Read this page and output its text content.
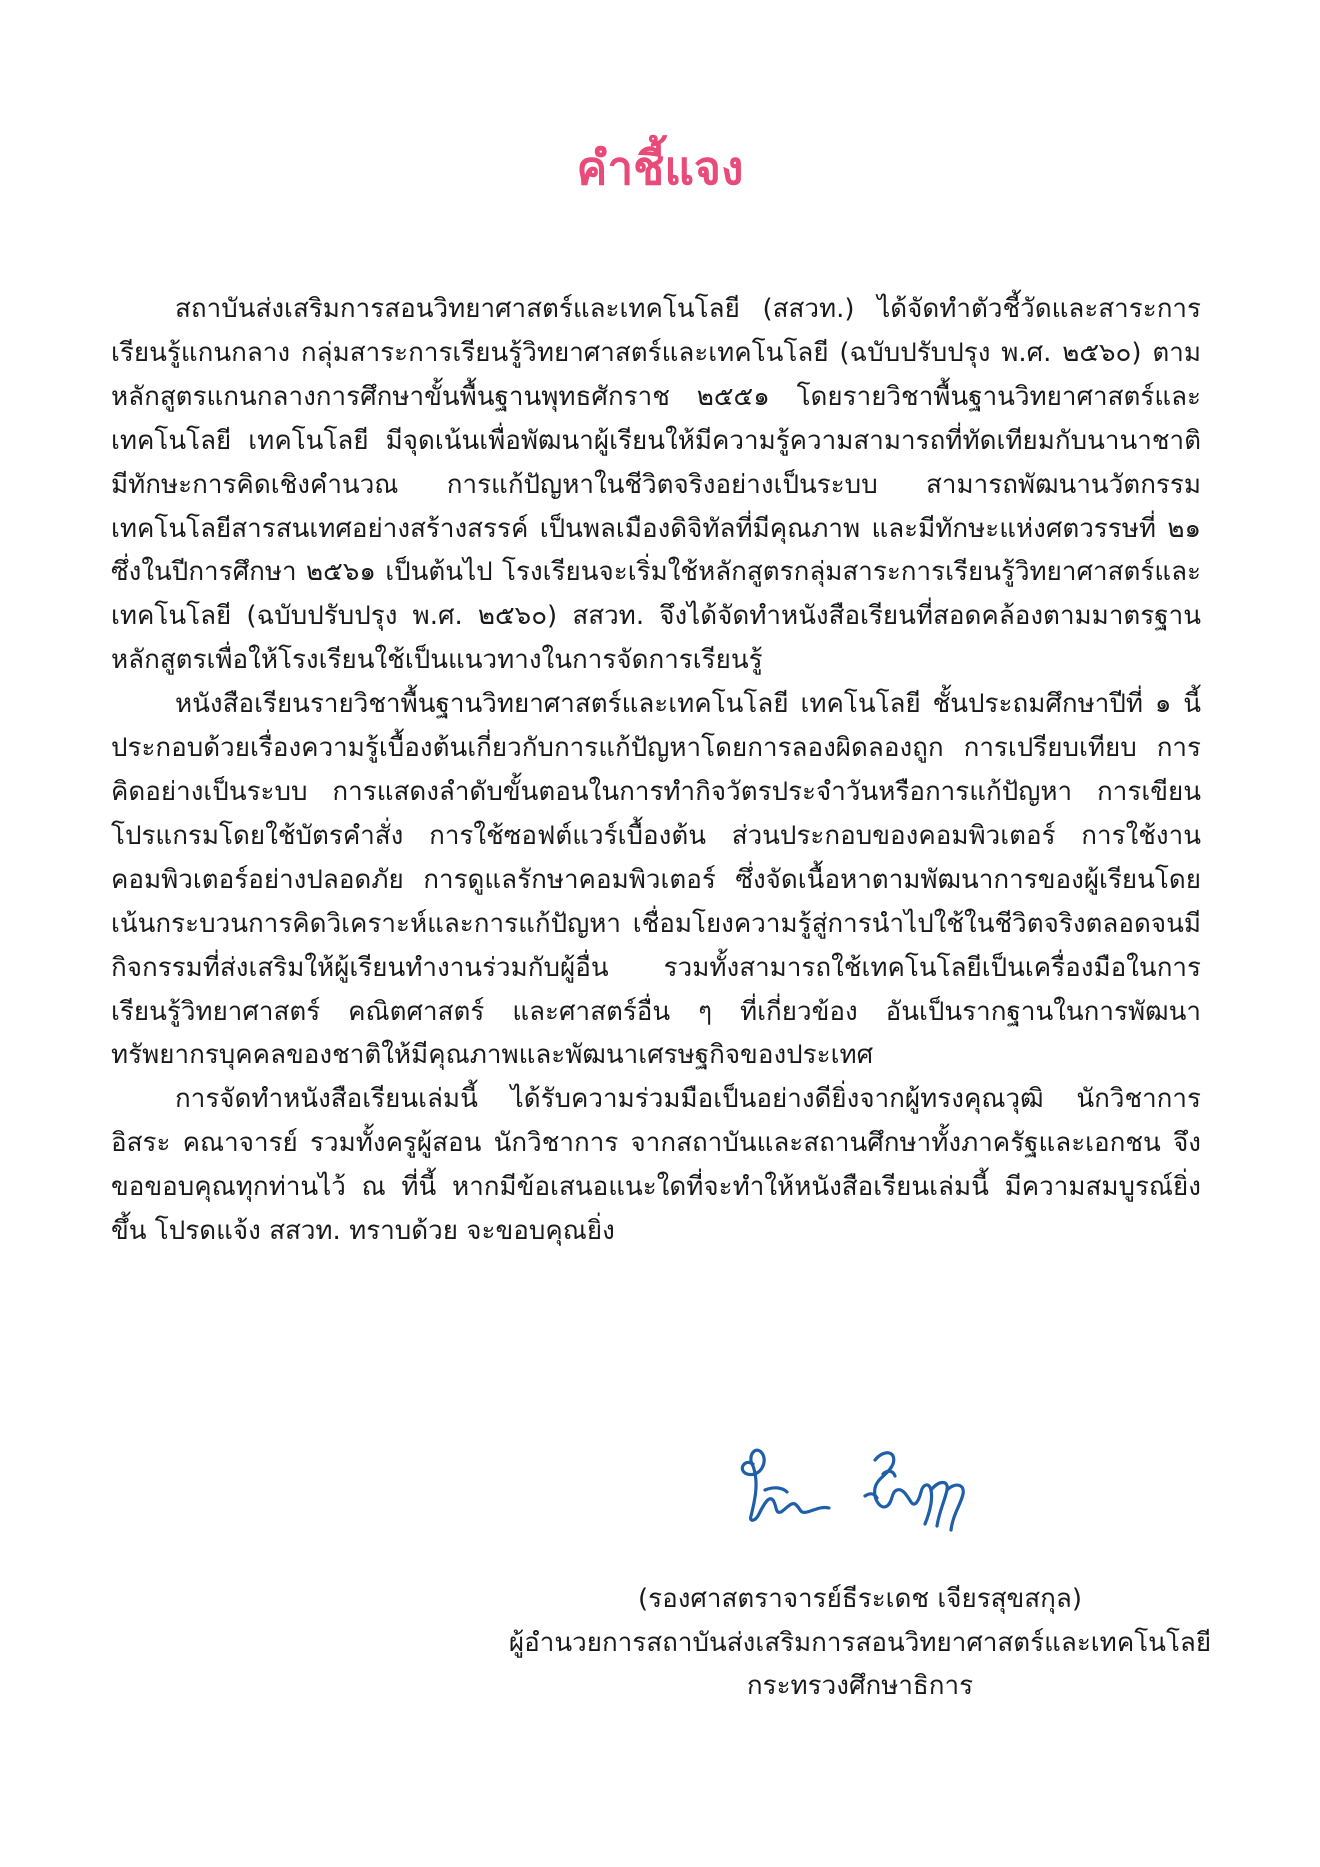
คำชี้แจง

สถาบันส่งเสริมการสอนวิทยาศาสตร์และเทคโนโลยี (สสวท.) ได้จัดทำตัวชี้วัดและสาระการเรียนรู้แกนกลาง กลุ่มสาระการเรียนรู้วิทยาศาสตร์และเทคโนโลยี (ฉบับปรับปรุง พ.ศ. ๒๕๖๐) ตามหลักสูตรแกนกลางการศึกษาขั้นพื้นฐานพุทธศักราช ๒๕๕๑ โดยรายวิชาพื้นฐานวิทยาศาสตร์และเทคโนโลยี เทคโนโลยี มีจุดเน้นเพื่อพัฒนาผู้เรียนให้มีความรู้ความสามารถที่ทัดเทียมกับนานาชาติ มีทักษะการคิดเชิงคำนวณ การแก้ปัญหาในชีวิตจริงอย่างเป็นระบบ สามารถพัฒนานวัตกรรมเทคโนโลยีสารสนเทศอย่างสร้างสรรค์ เป็นพลเมืองดิจิทัลที่มีคุณภาพ และมีทักษะแห่งศตวรรษที่ ๒๑ ซึ่งในปีการศึกษา ๒๕๖๑ เป็นต้นไป โรงเรียนจะเริ่มใช้หลักสูตรกลุ่มสาระการเรียนรู้วิทยาศาสตร์และเทคโนโลยี (ฉบับปรับปรุง พ.ศ. ๒๕๖๐) สสวท. จึงได้จัดทำหนังสือเรียนที่สอดคล้องตามมาตรฐานหลักสูตรเพื่อให้โรงเรียนใช้เป็นแนวทางในการจัดการเรียนรู้

หนังสือเรียนรายวิชาพื้นฐานวิทยาศาสตร์และเทคโนโลยี เทคโนโลยี ชั้นประถมศึกษาปีที่ ๑ นี้ ประกอบด้วยเรื่องความรู้เบื้องต้นเกี่ยวกับการแก้ปัญหาโดยการลองผิดลองถูก การเปรียบเทียบ การคิดอย่างเป็นระบบ การแสดงลำดับขั้นตอนในการทำกิจวัตรประจำวันหรือการแก้ปัญหา การเขียนโปรแกรมโดยใช้บัตรคำสั่ง การใช้ซอฟต์แวร์เบื้องต้น ส่วนประกอบของคอมพิวเตอร์ การใช้งานคอมพิวเตอร์อย่างปลอดภัย การดูแลรักษาคอมพิวเตอร์ ซึ่งจัดเนื้อหาตามพัฒนาการของผู้เรียนโดยเน้นกระบวนการคิดวิเคราะห์และการแก้ปัญหา เชื่อมโยงความรู้สู่การนำไปใช้ในชีวิตจริงตลอดจนมีกิจกรรมที่ส่งเสริมให้ผู้เรียนทำงานร่วมกับผู้อื่น รวมทั้งสามารถใช้เทคโนโลยีเป็นเครื่องมือในการเรียนรู้วิทยาศาสตร์ คณิตศาสตร์ และศาสตร์อื่น ๆ ที่เกี่ยวข้อง อันเป็นรากฐานในการพัฒนาทรัพยากรบุคคลของชาติให้มีคุณภาพและพัฒนาเศรษฐกิจของประเทศ

การจัดทำหนังสือเรียนเล่มนี้ ได้รับความร่วมมือเป็นอย่างดียิ่งจากผู้ทรงคุณวุฒิ นักวิชาการอิสระ คณาจารย์ รวมทั้งครูผู้สอน นักวิชาการ จากสถาบันและสถานศึกษาทั้งภาครัฐและเอกชน จึงขอขอบคุณทุกท่านไว้ ณ ที่นี้ หากมีข้อเสนอแนะใดที่จะทำให้หนังสือเรียนเล่มนี้ มีความสมบูรณ์ยิ่งขึ้น โปรดแจ้ง สสวท. ทราบด้วย จะขอบคุณยิ่ง

(รองศาสตราจารย์ธีระเดช เจียรสุขสกุล)
ผู้อำนวยการสถาบันส่งเสริมการสอนวิทยาศาสตร์และเทคโนโลยี
กระทรวงศึกษาธิการ
